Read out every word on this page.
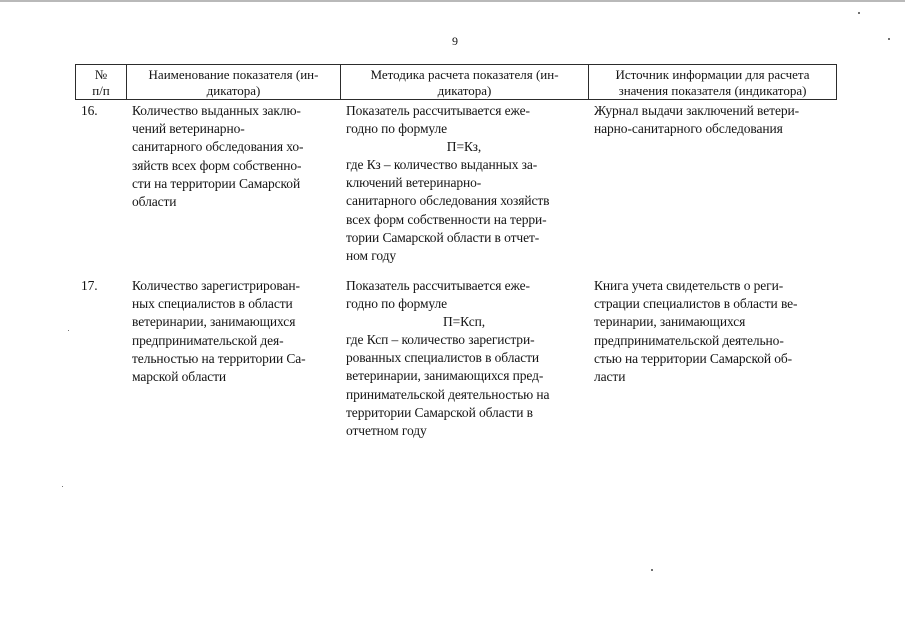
9
№
п/п
Наименование показателя (ин-
дикатора)
Методика расчета показателя (ин-
дикатора)
Источник информации для расчета
значения показателя (индикатора)
16.	Количество выданных заклю-
чений ветеринарно-
санитарного обследования хо-
зяйств всех форм собственно-
сти на территории Самарской
области
Показатель рассчитывается еже-
годно по формуле
П=Кз,
где Кз – количество выданных за-
ключений ветеринарно-
санитарного обследования хозяйств
всех форм собственности на терри-
тории Самарской области в отчет-
ном году
Журнал выдачи заключений ветери-
нарно-санитарного обследования
17.	Количество зарегистрирован-
ных специалистов в области
ветеринарии, занимающихся
предпринимательской дея-
тельностью на территории Са-
марской области
Показатель рассчитывается еже-
годно по формуле
П=Ксп,
где Ксп – количество зарегистри-
рованных специалистов в области
ветеринарии, занимающихся пред-
принимательской деятельностью на
территории Самарской области в
отчетном году
Книга учета свидетельств о реги-
страции специалистов в области ве-
теринарии, занимающихся
предпринимательской деятельно-
стью на территории Самарской об-
ласти
